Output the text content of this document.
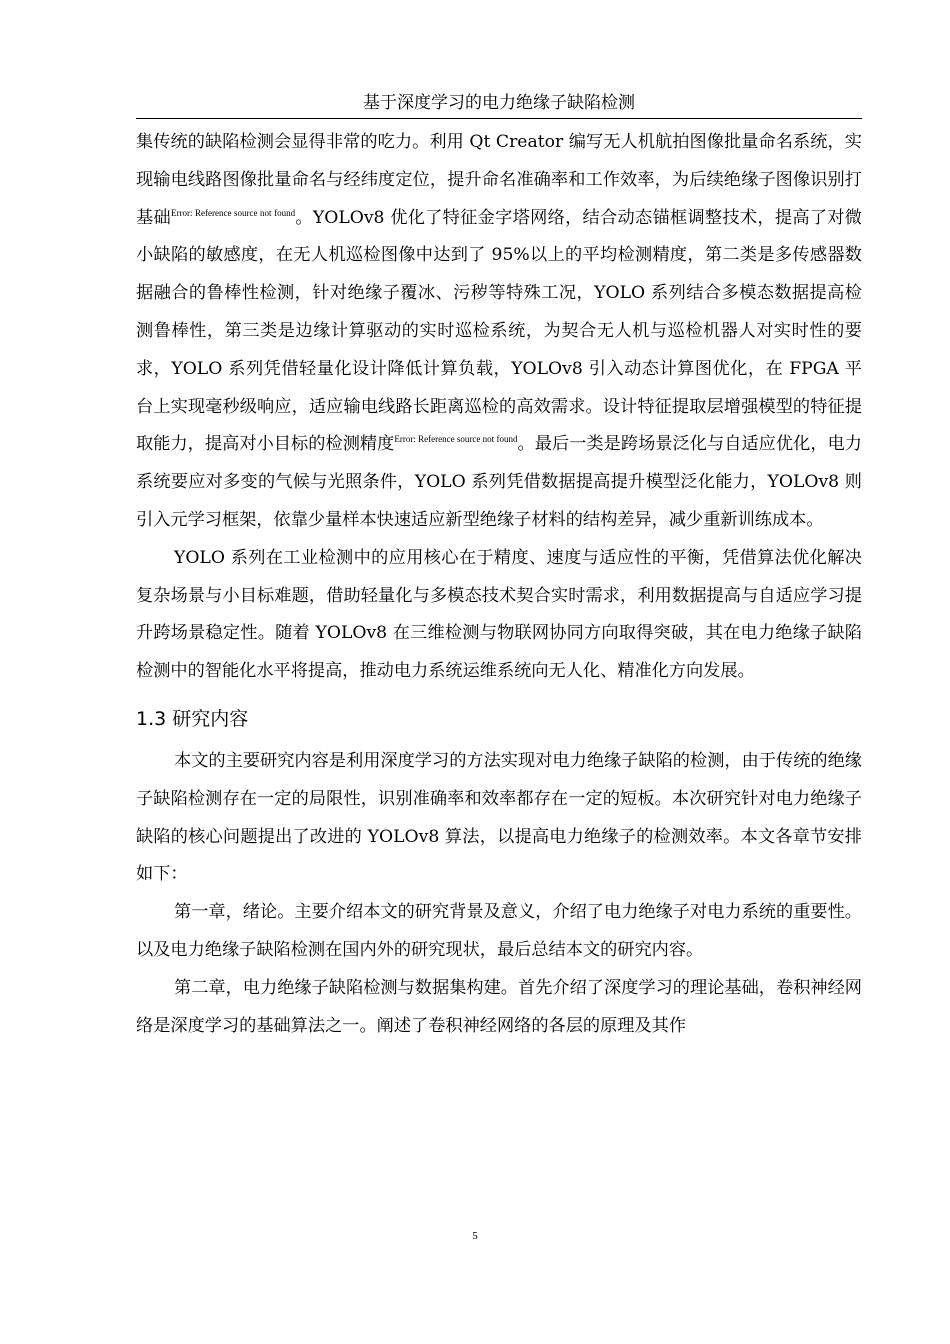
基于深度学习的电力绝缘子缺陷检测

集传统的缺陷检测会显得非常的吃力。利用 Qt Creator 编写无人机航拍图像批量命名系统，实现输电线路图像批量命名与经纬度定位，提升命名准确率和工作效率，为后续绝缘子图像识别打基础$^{Error: Reference source not found}$。YOLOv8 优化了特征金字塔网络，结合动态锚框调整技术，提高了对微小缺陷的敏感度，在无人机巡检图像中达到了 95%以上的平均检测精度，第二类是多传感器数据融合的鲁棒性检测，针对绝缘子覆冰、污秽等特殊工况，YOLO 系列结合多模态数据提高检测鲁棒性，第三类是边缘计算驱动的实时巡检系统，为契合无人机与巡检机器人对实时性的要求，YOLO 系列凭借轻量化设计降低计算负载，YOLOv8 引入动态计算图优化，在 FPGA 平台上实现毫秒级响应，适应输电线路长距离巡检的高效需求。设计特征提取层增强模型的特征提取能力，提高对小目标的检测精度$^{Error: Reference source not found}$。最后一类是跨场景泛化与自适应优化，电力系统要应对多变的气候与光照条件，YOLO 系列凭借数据提高提升模型泛化能力，YOLOv8 则引入元学习框架，依靠少量样本快速适应新型绝缘子材料的结构差异，减少重新训练成本。

YOLO 系列在工业检测中的应用核心在于精度、速度与适应性的平衡，凭借算法优化解决复杂场景与小目标难题，借助轻量化与多模态技术契合实时需求，利用数据提高与自适应学习提升跨场景稳定性。随着 YOLOv8 在三维检测与物联网协同方向取得突破，其在电力绝缘子缺陷检测中的智能化水平将提高，推动电力系统运维系统向无人化、精准化方向发展。

1.3 研究内容

本文的主要研究内容是利用深度学习的方法实现对电力绝缘子缺陷的检测，由于传统的绝缘子缺陷检测存在一定的局限性，识别准确率和效率都存在一定的短板。本次研究针对电力绝缘子缺陷的核心问题提出了改进的 YOLOv8 算法，以提高电力绝缘子的检测效率。本文各章节安排如下：

第一章，绪论。主要介绍本文的研究背景及意义，介绍了电力绝缘子对电力系统的重要性。以及电力绝缘子缺陷检测在国内外的研究现状，最后总结本文的研究内容。

第二章，电力绝缘子缺陷检测与数据集构建。首先介绍了深度学习的理论基础，卷积神经网络是深度学习的基础算法之一。阐述了卷积神经网络的各层的原理及其作

5
